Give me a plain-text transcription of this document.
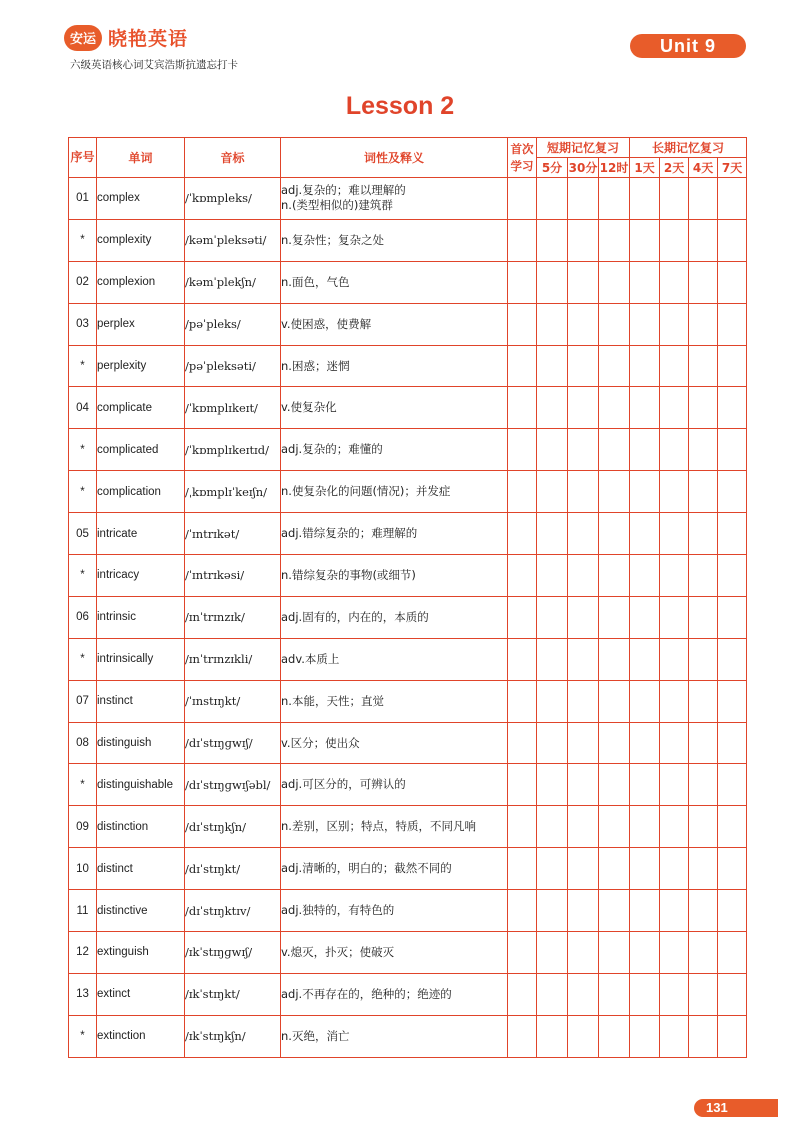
安运 晓艳英语
六级英语核心词艾宾浩斯抗遗忘打卡
Unit 9
Lesson 2
序号	单词	音标	词性及释义	首次学习	短期记忆复习			长期记忆复习			
					5分	30分	12时	1天	2天	4天	7天
01	complex	/ˈkɒmpleks/	adj.复杂的；难以理解的
n.(类型相似的)建筑群								

*	complexity	/kəmˈpleksəti/	n.复杂性；复杂之处								

02	complexion	/kəmˈplekʃn/	n.面色，气色								

03	perplex	/pəˈpleks/	v.使困惑，使费解								

*	perplexity	/pəˈpleksəti/	n.困惑；迷惘								

04	complicate	/ˈkɒmplɪkeɪt/	v.使复杂化								

*	complicated	/ˈkɒmplɪkeɪtɪd/	adj.复杂的；难懂的								

*	complication	/ˌkɒmplɪˈkeɪʃn/	n.使复杂化的问题(情况)；并发症								

05	intricate	/ˈɪntrɪkət/	adj.错综复杂的；难理解的								

*	intricacy	/ˈɪntrɪkəsi/	n.错综复杂的事物(或细节)								

06	intrinsic	/ɪnˈtrɪnzɪk/	adj.固有的，内在的，本质的								

*	intrinsically	/ɪnˈtrɪnzɪkli/	adv.本质上								

07	instinct	/ˈɪnstɪŋkt/	n.本能，天性；直觉								

08	distinguish	/dɪˈstɪŋɡwɪʃ/	v.区分；使出众								

*	distinguishable	/dɪˈstɪŋɡwɪʃəbl/	adj.可区分的，可辨认的								

09	distinction	/dɪˈstɪŋkʃn/	n.差别，区别；特点，特质，不同凡响								

10	distinct	/dɪˈstɪŋkt/	adj.清晰的，明白的；截然不同的								

11	distinctive	/dɪˈstɪŋktɪv/	adj.独特的，有特色的								

12	extinguish	/ɪkˈstɪŋɡwɪʃ/	v.熄灭，扑灭；使破灭								

13	extinct	/ɪkˈstɪŋkt/	adj.不再存在的，绝种的；绝迹的								

*	extinction	/ɪkˈstɪŋkʃn/	n.灭绝，消亡								

131
